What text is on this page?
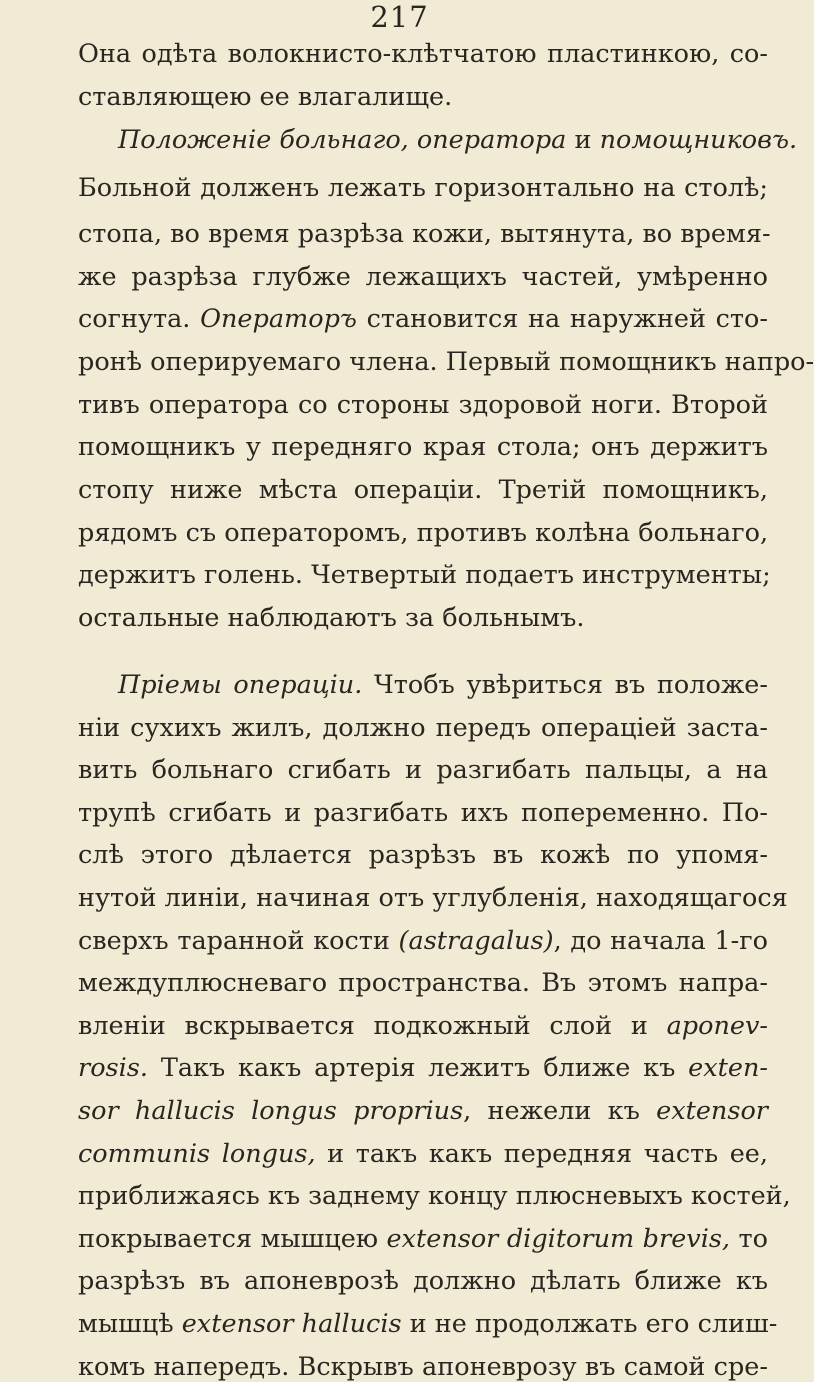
217
Она одѣта волокнисто-клѣтчатою пластинкою, со-
ставляющею ее влагалище.
Положеніе больнаго, оператора и помощниковъ.
Больной долженъ лежать горизонтально на столѣ;
стопа, во время разрѣза кожи, вытянута, во время-
же разрѣза глубже лежащихъ частей, умѣренно
согнута. Операторъ становится на наружней сто-
ронѣ оперируемаго члена. Первый помощникъ напро-
тивъ оператора со стороны здоровой ноги. Второй
помощникъ у передняго края стола; онъ держитъ
стопу ниже мѣста операціи. Третій помощникъ,
рядомъ съ операторомъ, противъ колѣна больнаго,
держитъ голень. Четвертый подаетъ инструменты;
остальные наблюдаютъ за больнымъ.
Пріемы операціи. Чтобъ увѣриться въ положе-
ніи сухихъ жилъ, должно передъ операціей заста-
вить больнаго сгибать и разгибать пальцы, а на
трупѣ сгибать и разгибать ихъ попеременно. По-
слѣ этого дѣлается разрѣзъ въ кожѣ по упомя-
нутой линіи, начиная отъ углубленія, находящагося
сверхъ таранной кости (astragalus), до начала 1-го
междуплюсневаго пространства. Въ этомъ напра-
вленіи вскрывается подкожный слой и aponev-
rosis. Такъ какъ артерія лежитъ ближе къ exten-
sor hallucis longus proprius, нежели къ extensor
communis longus, и такъ какъ передняя часть ее,
приближаясь къ заднему концу плюсневыхъ костей,
покрывается мышцею extensor digitorum brevis, то
разрѣзъ въ апоневрозѣ должно дѣлать ближе къ
мышцѣ extensor hallucis и не продолжать его слиш-
комъ напередъ. Вскрывъ апоневрозу въ самой сре-
